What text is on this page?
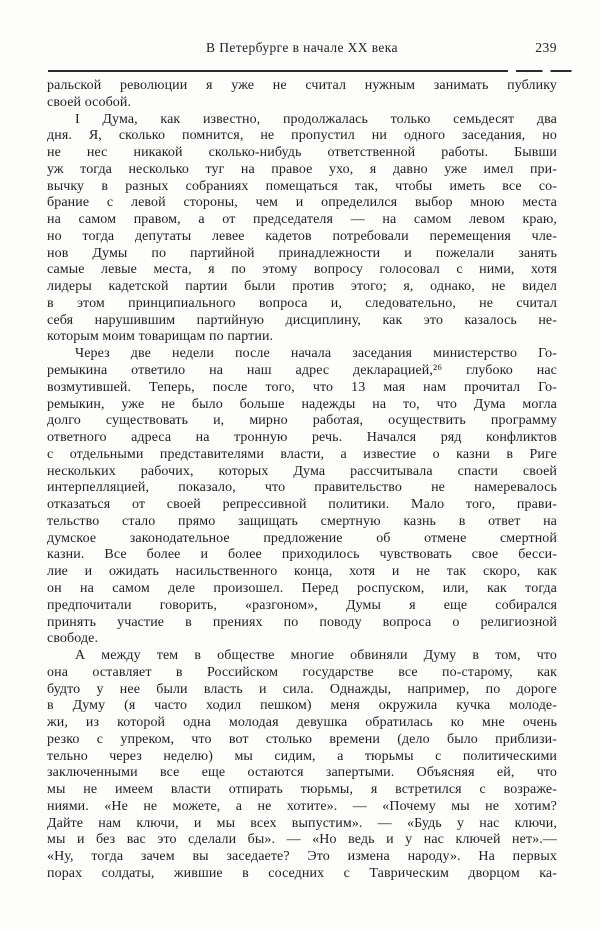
В Петербурге в начале XX века	239
ральской революции я уже не считал нужным занимать публику
своей особой.
I Дума, как известно, продолжалась только семьдесят два
дня. Я, сколько помнится, не пропустил ни одного заседания, но
не нес никакой сколько-нибудь ответственной работы. Бывши
уж тогда несколько туг на правое ухо, я давно уже имел при-
вычку в разных собраниях помещаться так, чтобы иметь все со-
брание с левой стороны, чем и определился выбор мною места
на самом правом, а от председателя — на самом левом краю,
но тогда депутаты левее кадетов потребовали перемещения чле-
нов Думы по партийной принадлежности и пожелали занять
самые левые места, я по этому вопросу голосовал с ними, хотя
лидеры кадетской партии были против этого; я, однако, не видел
в этом принципиального вопроса и, следовательно, не считал
себя нарушившим партийную дисциплину, как это казалось не-
которым моим товарищам по партии.
Через две недели после начала заседания министерство Го-
ремыкина ответило на наш адрес декларацией,²⁶ глубоко нас
возмутившей. Теперь, после того, что 13 мая нам прочитал Го-
ремыкин, уже не было больше надежды на то, что Дума могла
долго существовать и, мирно работая, осуществить программу
ответного адреса на тронную речь. Начался ряд конфликтов
с отдельными представителями власти, а известие о казни в Риге
нескольких рабочих, которых Дума рассчитывала спасти своей
интерпелляцией, показало, что правительство не намеревалось
отказаться от своей репрессивной политики. Мало того, прави-
тельство стало прямо защищать смертную казнь в ответ на
думское законодательное предложение об отмене смертной
казни. Все более и более приходилось чувствовать свое бесси-
лие и ожидать насильственного конца, хотя и не так скоро, как
он на самом деле произошел. Перед роспуском, или, как тогда
предпочитали говорить, «разгоном», Думы я еще собирался
принять участие в прениях по поводу вопроса о религиозной
свободе.
А между тем в обществе многие обвиняли Думу в том, что
она оставляет в Российском государстве все по-старому, как
будто у нее были власть и сила. Однажды, например, по дороге
в Думу (я часто ходил пешком) меня окружила кучка молоде-
жи, из которой одна молодая девушка обратилась ко мне очень
резко с упреком, что вот столько времени (дело было приблизи-
тельно через неделю) мы сидим, а тюрьмы с политическими
заключенными все еще остаются запертыми. Объясняя ей, что
мы не имеем власти отпирать тюрьмы, я встретился с возраже-
ниями. «Не не можете, а не хотите». — «Почему мы не хотим?
Дайте нам ключи, и мы всех выпустим». — «Будь у нас ключи,
мы и без вас это сделали бы». — «Но ведь и у нас ключей нет».—
«Ну, тогда зачем вы заседаете? Это измена народу». На первых
порах солдаты, жившие в соседних с Таврическим дворцом ка-
